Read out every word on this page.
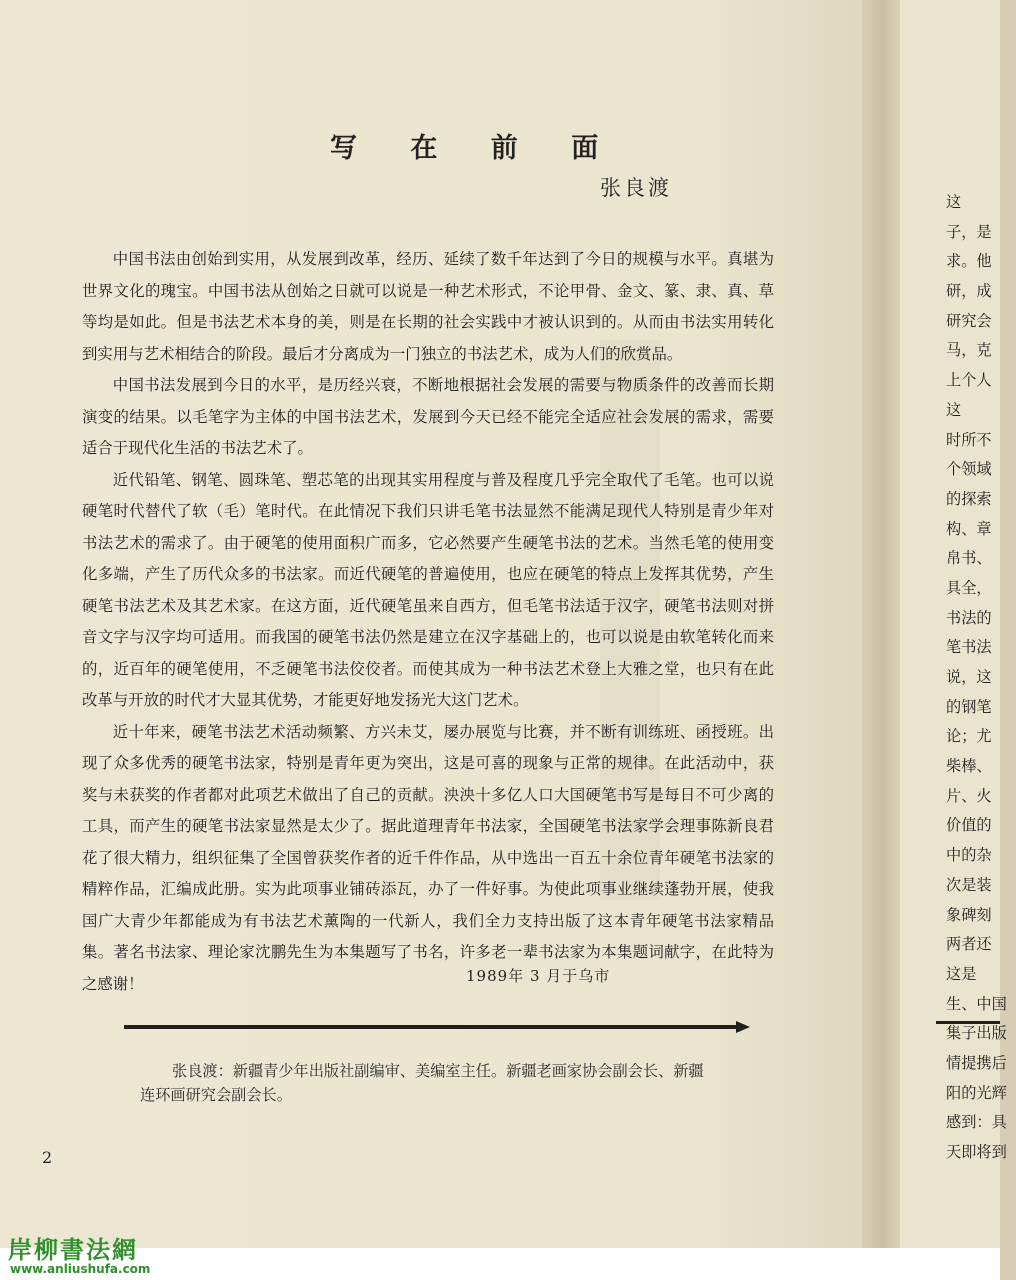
写 在 前 面
张良渡

中国书法由创始到实用，从发展到改革，经历、延续了数千年达到了今日的规模与水平。真堪为世界文化的瑰宝。中国书法从创始之日就可以说是一种艺术形式，不论甲骨、金文、篆、隶、真、草等均是如此。但是书法艺术本身的美，则是在长期的社会实践中才被认识到的。从而由书法实用转化到实用与艺术相结合的阶段。最后才分离成为一门独立的书法艺术，成为人们的欣赏品。

中国书法发展到今日的水平，是历经兴衰，不断地根据社会发展的需要与物质条件的改善而长期演变的结果。以毛笔字为主体的中国书法艺术，发展到今天已经不能完全适应社会发展的需求，需要适合于现代化生活的书法艺术了。

近代铅笔、钢笔、圆珠笔、塑芯笔的出现其实用程度与普及程度几乎完全取代了毛笔。也可以说硬笔时代替代了软（毛）笔时代。在此情况下我们只讲毛笔书法显然不能满足现代人特别是青少年对书法艺术的需求了。由于硬笔的使用面积广而多，它必然要产生硬笔书法的艺术。当然毛笔的使用变化多端，产生了历代众多的书法家。而近代硬笔的普遍使用，也应在硬笔的特点上发挥其优势，产生硬笔书法艺术及其艺术家。在这方面，近代硬笔虽来自西方，但毛笔书法适于汉字，硬笔书法则对拼音文字与汉字均可适用。而我国的硬笔书法仍然是建立在汉字基础上的，也可以说是由软笔转化而来的，近百年的硬笔使用，不乏硬笔书法佼佼者。而使其成为一种书法艺术登上大雅之堂，也只有在此改革与开放的时代才大显其优势，才能更好地发扬光大这门艺术。

近十年来，硬笔书法艺术活动频繁、方兴未艾，屡办展览与比赛，并不断有训练班、函授班。出现了众多优秀的硬笔书法家，特别是青年更为突出，这是可喜的现象与正常的规律。在此活动中，获奖与未获奖的作者都对此项艺术做出了自己的贡献。泱泱十多亿人口大国硬笔书写是每日不可少离的工具，而产生的硬笔书法家显然是太少了。据此道理青年书法家，全国硬笔书法家学会理事陈新良君花了很大精力，组织征集了全国曾获奖作者的近千件作品，从中选出一百五十余位青年硬笔书法家的精粹作品，汇编成此册。实为此项事业铺砖添瓦，办了一件好事。为使此项事业继续蓬勃开展，使我国广大青少年都能成为有书法艺术薰陶的一代新人，我们全力支持出版了这本青年硬笔书法家精品集。著名书法家、理论家沈鹏先生为本集题写了书名，许多老一辈书法家为本集题词献字，在此特为之感谢！	1989年 3 月于乌市
张良渡：新疆青少年出版社副编审、美编室主任。新疆老画家协会副会长、新疆
连环画研究会副会长。
2
这
子，是
求。他
研，成
研究会
马，克
上个人
这
时所不
个领域
的探索
构、章
帛书、
具全，
书法的
笔书法
说，这
的钢笔
论；尤
柴棒、
片、火
价值的
中的杂
次是装
象碑刻
两者还
这是
生、中国
集子出版
情提携后
阳的光辉
感到：具
天即将到
岸柳書法網
www.anliushufa.com
